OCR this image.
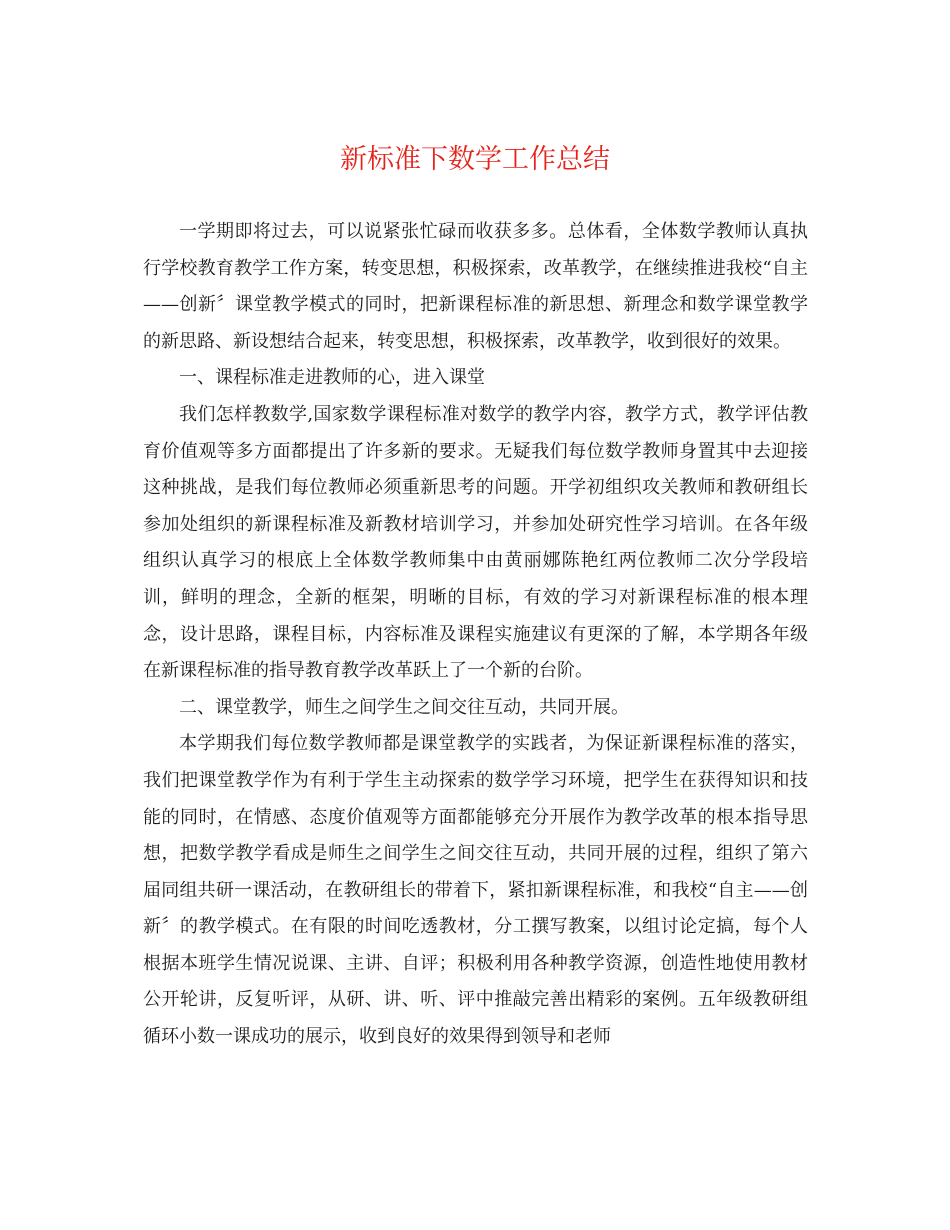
新标准下数学工作总结

一学期即将过去，可以说紧张忙碌而收获多多。总体看，全体数学教师认真执行学校教育教学工作方案，转变思想，积极探索，改革教学，在继续推进我校“自主——创新〞课堂教学模式的同时，把新课程标准的新思想、新理念和数学课堂教学的新思路、新设想结合起来，转变思想，积极探索，改革教学，收到很好的效果。

一、课程标准走进教师的心，进入课堂

我们怎样教数学,国家数学课程标准对数学的教学内容，教学方式，教学评估教育价值观等多方面都提出了许多新的要求。无疑我们每位数学教师身置其中去迎接这种挑战，是我们每位教师必须重新思考的问题。开学初组织攻关教师和教研组长参加处组织的新课程标准及新教材培训学习，并参加处研究性学习培训。在各年级组织认真学习的根底上全体数学教师集中由黄丽娜陈艳红两位教师二次分学段培训，鲜明的理念，全新的框架，明晰的目标，有效的学习对新课程标准的根本理念，设计思路，课程目标，内容标准及课程实施建议有更深的了解，本学期各年级在新课程标准的指导教育教学改革跃上了一个新的台阶。

二、课堂教学，师生之间学生之间交往互动，共同开展。

本学期我们每位数学教师都是课堂教学的实践者，为保证新课程标准的落实，我们把课堂教学作为有利于学生主动探索的数学学习环境，把学生在获得知识和技能的同时，在情感、态度价值观等方面都能够充分开展作为教学改革的根本指导思想，把数学教学看成是师生之间学生之间交往互动，共同开展的过程，组织了第六届同组共研一课活动，在教研组长的带着下，紧扣新课程标准，和我校“自主——创新〞的教学模式。在有限的时间吃透教材，分工撰写教案，以组讨论定搞，每个人根据本班学生情况说课、主讲、自评；积极利用各种教学资源，创造性地使用教材公开轮讲，反复听评，从研、讲、听、评中推敲完善出精彩的案例。五年级教研组循环小数一课成功的展示，收到良好的效果得到领导和老师
